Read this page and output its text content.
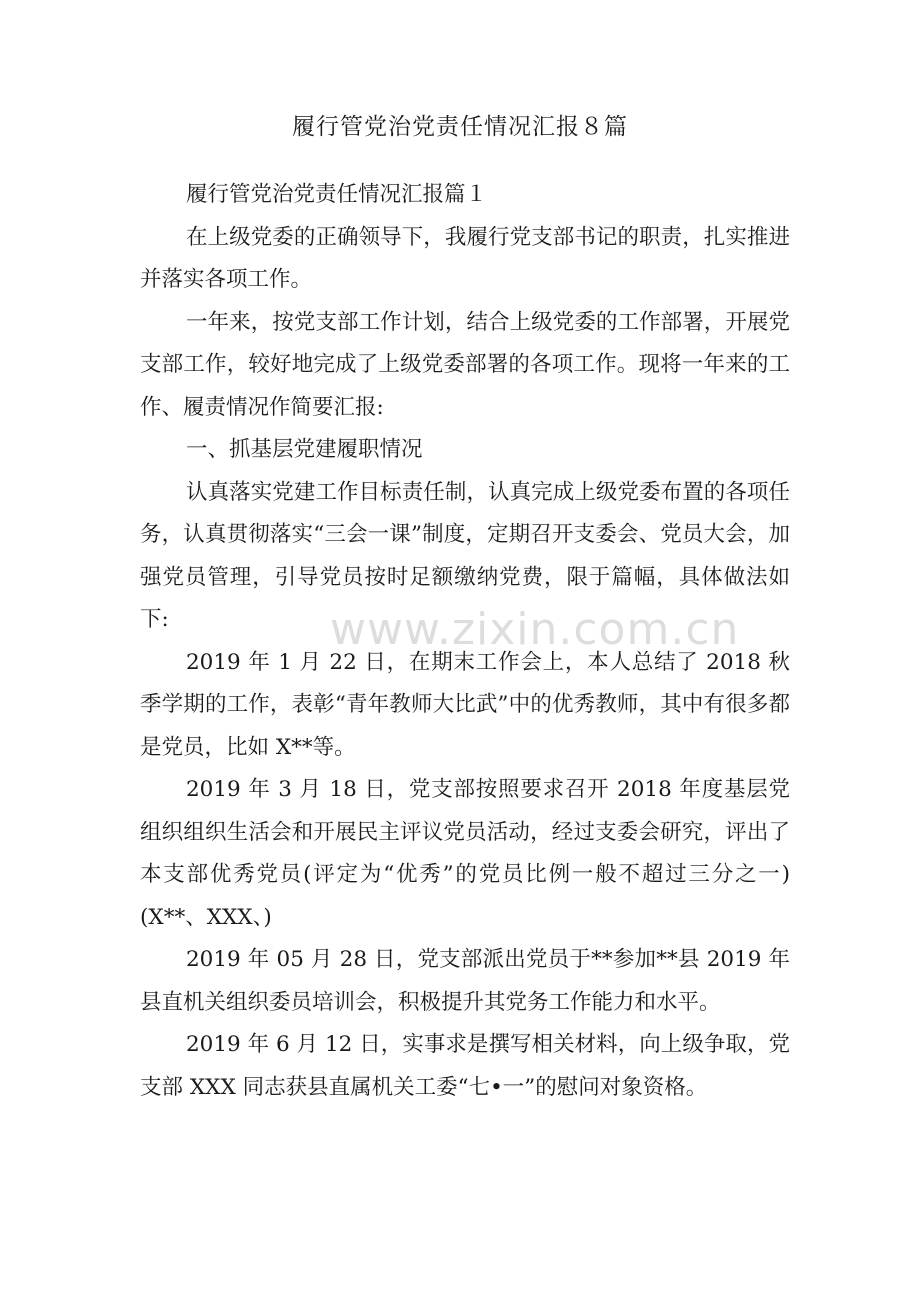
履行管党治党责任情况汇报８篇

履行管党治党责任情况汇报篇１

在上级党委的正确领导下，我履行党支部书记的职责，扎实推进并落实各项工作。

一年来，按党支部工作计划，结合上级党委的工作部署，开展党支部工作，较好地完成了上级党委部署的各项工作。现将一年来的工作、履责情况作简要汇报:

一、抓基层党建履职情况

认真落实党建工作目标责任制，认真完成上级党委布置的各项任务，认真贯彻落实“三会一课”制度，定期召开支委会、党员大会，加强党员管理，引导党员按时足额缴纳党费，限于篇幅，具体做法如下:

2019 年 1 月 22 日，在期末工作会上，本人总结了 2018 秋季学期的工作，表彰“青年教师大比武”中的优秀教师，其中有很多都是党员，比如 X**等。

2019 年 3 月 18 日，党支部按照要求召开 2018 年度基层党组织组织生活会和开展民主评议党员活动，经过支委会研究，评出了本支部优秀党员(评定为“优秀”的党员比例一般不超过三分之一) (X**、XXX、)

2019 年 05 月 28 日，党支部派出党员于**参加**县 2019 年县直机关组织委员培训会，积极提升其党务工作能力和水平。

2019 年 6 月 12 日，实事求是撰写相关材料，向上级争取，党支部 XXX 同志获县直属机关工委“七•一”的慰问对象资格。

www.zixin.com.cn
